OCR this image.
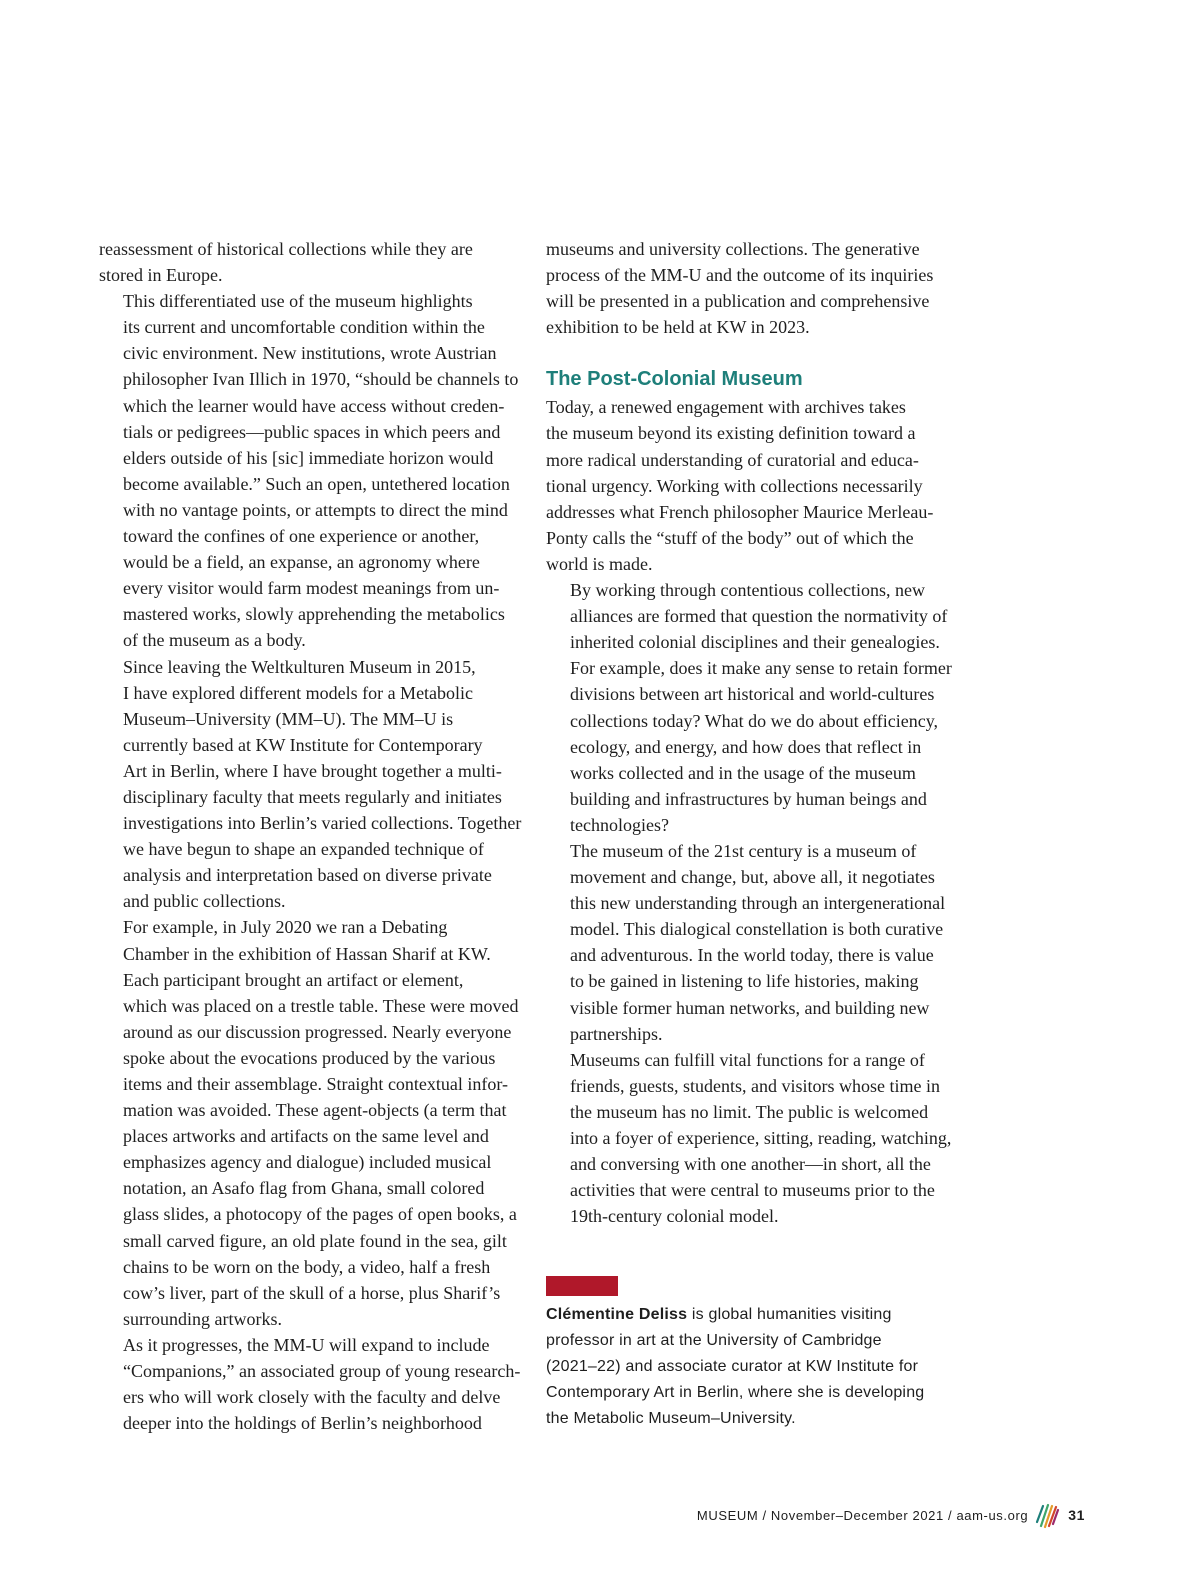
reassessment of historical collections while they are
stored in Europe.

This differentiated use of the museum highlights
its current and uncomfortable condition within the
civic environment. New institutions, wrote Austrian
philosopher Ivan Illich in 1970, “should be channels to
which the learner would have access without creden-
tials or pedigrees—public spaces in which peers and
elders outside of his [sic] immediate horizon would
become available.” Such an open, untethered location
with no vantage points, or attempts to direct the mind
toward the confines of one experience or another,
would be a field, an expanse, an agronomy where
every visitor would farm modest meanings from un-
mastered works, slowly apprehending the metabolics
of the museum as a body.

Since leaving the Weltkulturen Museum in 2015,
I have explored different models for a Metabolic
Museum–University (MM–U). The MM–U is
currently based at KW Institute for Contemporary
Art in Berlin, where I have brought together a multi-
disciplinary faculty that meets regularly and initiates
investigations into Berlin’s varied collections. Together
we have begun to shape an expanded technique of
analysis and interpretation based on diverse private
and public collections.

For example, in July 2020 we ran a Debating
Chamber in the exhibition of Hassan Sharif at KW.
Each participant brought an artifact or element,
which was placed on a trestle table. These were moved
around as our discussion progressed. Nearly everyone
spoke about the evocations produced by the various
items and their assemblage. Straight contextual infor-
mation was avoided. These agent-objects (a term that
places artworks and artifacts on the same level and
emphasizes agency and dialogue) included musical
notation, an Asafo flag from Ghana, small colored
glass slides, a photocopy of the pages of open books, a
small carved figure, an old plate found in the sea, gilt
chains to be worn on the body, a video, half a fresh
cow’s liver, part of the skull of a horse, plus Sharif’s
surrounding artworks.

As it progresses, the MM-U will expand to include
“Companions,” an associated group of young research-
ers who will work closely with the faculty and delve
deeper into the holdings of Berlin’s neighborhood

museums and university collections. The generative
process of the MM-U and the outcome of its inquiries
will be presented in a publication and comprehensive
exhibition to be held at KW in 2023.

The Post-Colonial Museum

Today, a renewed engagement with archives takes
the museum beyond its existing definition toward a
more radical understanding of curatorial and educa-
tional urgency. Working with collections necessarily
addresses what French philosopher Maurice Merleau-
Ponty calls the “stuff of the body” out of which the
world is made.

By working through contentious collections, new
alliances are formed that question the normativity of
inherited colonial disciplines and their genealogies.
For example, does it make any sense to retain former
divisions between art historical and world-cultures
collections today? What do we do about efficiency,
ecology, and energy, and how does that reflect in
works collected and in the usage of the museum
building and infrastructures by human beings and
technologies?

The museum of the 21st century is a museum of
movement and change, but, above all, it negotiates
this new understanding through an intergenerational
model. This dialogical constellation is both curative
and adventurous. In the world today, there is value
to be gained in listening to life histories, making
visible former human networks, and building new
partnerships.

Museums can fulfill vital functions for a range of
friends, guests, students, and visitors whose time in
the museum has no limit. The public is welcomed
into a foyer of experience, sitting, reading, watching,
and conversing with one another—in short, all the
activities that were central to museums prior to the
19th-century colonial model.

Clémentine Deliss is global humanities visiting
professor in art at the University of Cambridge
(2021–22) and associate curator at KW Institute for
Contemporary Art in Berlin, where she is developing
the Metabolic Museum–University.
MUSEUM / November–December 2021 / aam-us.org	31
